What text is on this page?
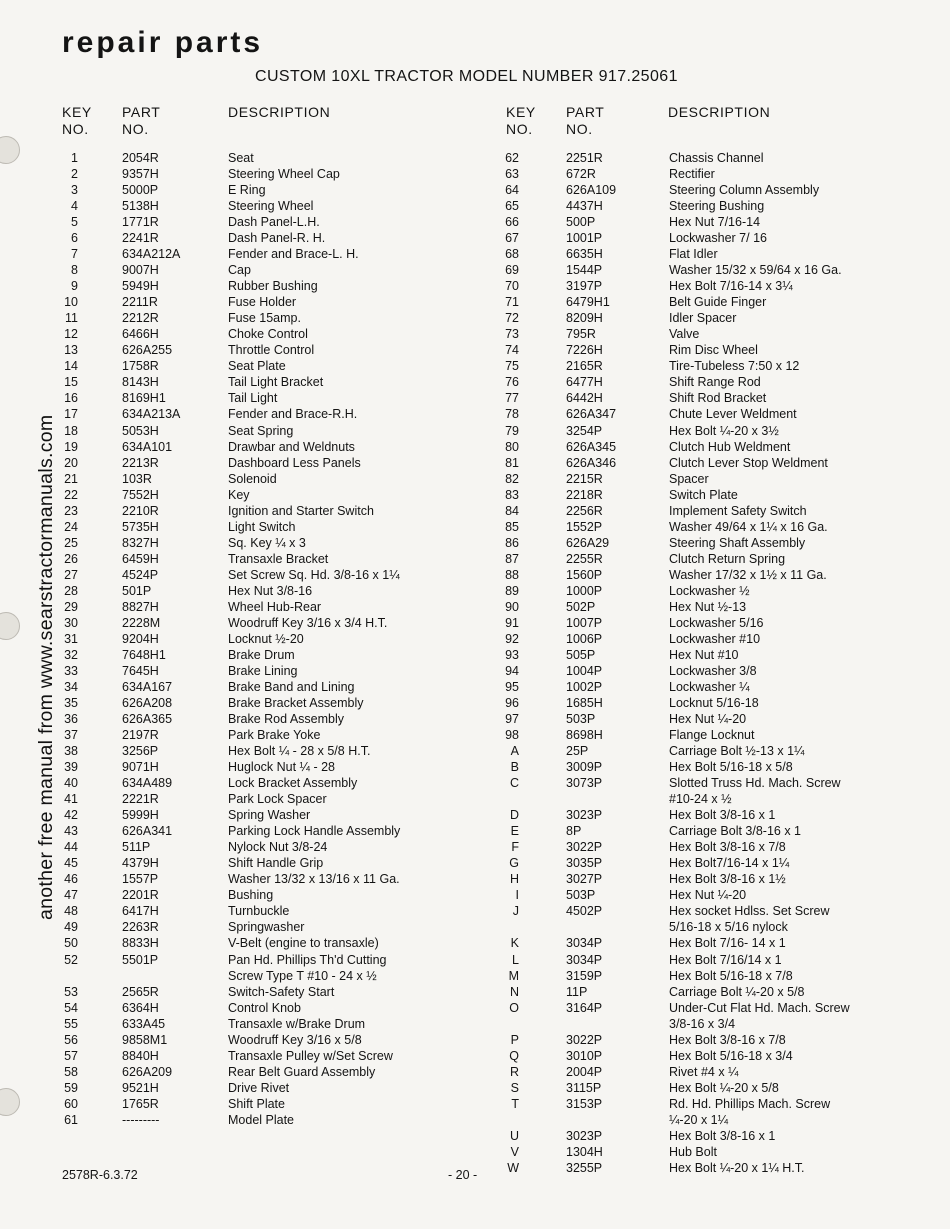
another free manual from www.searstractormanuals.com
repair parts
CUSTOM 10XL TRACTOR MODEL NUMBER 917.25061
KEY
NO.
PART
NO.
DESCRIPTION	KEY
NO.
PART
NO.
DESCRIPTION
1	2054R	Seat
2	9357H	Steering Wheel Cap
3	5000P	E Ring
4	5138H	Steering Wheel
5	1771R	Dash Panel-L.H.
6	2241R	Dash Panel-R. H.
7	634A212A	Fender and Brace-L. H.
8	9007H	Cap
9	5949H	Rubber Bushing
10	2211R	Fuse Holder
11	2212R	Fuse 15amp.
12	6466H	Choke Control
13	626A255	Throttle Control
14	1758R	Seat Plate
15	8143H	Tail Light Bracket
16	8169H1	Tail Light
17	634A213A	Fender and Brace-R.H.
18	5053H	Seat Spring
19	634A101	Drawbar and Weldnuts
20	2213R	Dashboard Less Panels
21	103R	Solenoid
22	7552H	Key
23	2210R	Ignition and Starter Switch
24	5735H	Light Switch
25	8327H	Sq. Key ¼ x 3
26	6459H	Transaxle Bracket
27	4524P	Set Screw Sq. Hd. 3/8-16 x 1¼
28	501P	Hex Nut 3/8-16
29	8827H	Wheel Hub-Rear
30	2228M	Woodruff Key 3/16 x 3/4 H.T.
31	9204H	Locknut ½-20
32	7648H1	Brake Drum
33	7645H	Brake Lining
34	634A167	Brake Band and Lining
35	626A208	Brake Bracket Assembly
36	626A365	Brake Rod Assembly
37	2197R	Park Brake Yoke
38	3256P	Hex Bolt ¼ - 28 x 5/8 H.T.
39	9071H	Huglock Nut ¼ - 28
40	634A489	Lock Bracket Assembly
41	2221R	Park Lock Spacer
42	5999H	Spring Washer
43	626A341	Parking Lock Handle Assembly
44	511P	Nylock Nut 3/8-24
45	4379H	Shift Handle Grip
46	1557P	Washer 13/32 x 13/16 x 11 Ga.
47	2201R	Bushing
48	6417H	Turnbuckle
49	2263R	Springwasher
50	8833H	V-Belt (engine to transaxle)
52	5501P	Pan Hd. Phillips Th'd Cutting
Screw Type T #10 - 24 x ½
53	2565R	Switch-Safety Start
54	6364H	Control Knob
55	633A45	Transaxle w/Brake Drum
56	9858M1	Woodruff Key 3/16 x 5/8
57	8840H	Transaxle Pulley w/Set Screw
58	626A209	Rear Belt Guard Assembly
59	9521H	Drive Rivet
60	1765R	Shift Plate
61	---------	Model Plate
62	2251R	Chassis Channel
63	672R	Rectifier
64	626A109	Steering Column Assembly
65	4437H	Steering Bushing
66	500P	Hex Nut 7/16-14
67	1001P	Lockwasher 7/ 16
68	6635H	Flat Idler
69	1544P	Washer 15/32 x 59/64 x 16 Ga.
70	3197P	Hex Bolt 7/16-14 x 3¼
71	6479H1	Belt Guide Finger
72	8209H	Idler Spacer
73	795R	Valve
74	7226H	Rim Disc Wheel
75	2165R	Tire-Tubeless 7:50 x 12
76	6477H	Shift Range Rod
77	6442H	Shift Rod Bracket
78	626A347	Chute Lever Weldment
79	3254P	Hex Bolt ¼-20 x 3½
80	626A345	Clutch Hub Weldment
81	626A346	Clutch Lever Stop Weldment
82	2215R	Spacer
83	2218R	Switch Plate
84	2256R	Implement Safety Switch
85	1552P	Washer 49/64 x 1¼ x 16 Ga.
86	626A29	Steering Shaft Assembly
87	2255R	Clutch Return Spring
88	1560P	Washer 17/32 x 1½ x 11 Ga.
89	1000P	Lockwasher ½
90	502P	Hex Nut ½-13
91	1007P	Lockwasher 5/16
92	1006P	Lockwasher #10
93	505P	Hex Nut #10
94	1004P	Lockwasher 3/8
95	1002P	Lockwasher ¼
96	1685H	Locknut 5/16-18
97	503P	Hex Nut ¼-20
98	8698H	Flange Locknut
A	25P	Carriage Bolt ½-13 x 1¼
B	3009P	Hex Bolt 5/16-18 x 5/8
C	3073P	Slotted Truss Hd. Mach. Screw
#10-24 x ½
D	3023P	Hex Bolt 3/8-16 x 1
E	8P	Carriage Bolt 3/8-16 x 1
F	3022P	Hex Bolt 3/8-16 x 7/8
G	3035P	Hex Bolt7/16-14 x 1¼
H	3027P	Hex Bolt 3/8-16 x 1½
I	503P	Hex Nut ¼-20
J	4502P	Hex socket Hdlss. Set Screw
5/16-18 x 5/16 nylock
K	3034P	Hex Bolt 7/16- 14 x 1
L	3034P	Hex Bolt 7/16/14 x 1
M	3159P	Hex Bolt 5/16-18 x 7/8
N	11P	Carriage Bolt ¼-20 x 5/8
O	3164P	Under-Cut Flat Hd. Mach. Screw
3/8-16 x 3/4
P	3022P	Hex Bolt 3/8-16 x 7/8
Q	3010P	Hex Bolt 5/16-18 x 3/4
R	2004P	Rivet #4 x ¼
S	3115P	Hex Bolt ¼-20 x 5/8
T	3153P	Rd. Hd. Phillips Mach. Screw
¼-20 x 1¼
U	3023P	Hex Bolt 3/8-16 x 1
V	1304H	Hub Bolt
W	3255P	Hex Bolt ¼-20 x 1¼ H.T.
2578R-6.3.72	- 20 -
